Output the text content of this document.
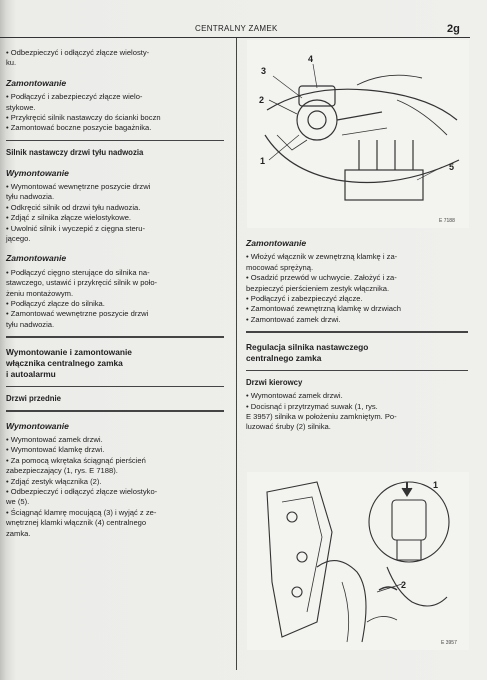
CENTRALNY ZAMEK	2g

• Odbezpieczyć i odłączyć złącze wielosty-

ku.

Zamontowanie

• Podłączyć i zabezpieczyć złącze wielo-

stykowe.

• Przykręcić silnik nastawczy do ścianki boczn

• Zamontować boczne poszycie bagażnika.

Silnik nastawczy drzwi tyłu nadwozia
Wymontowanie

• Wymontować wewnętrzne poszycie drzwi

tyłu nadwozia.

• Odkręcić silnik od drzwi tyłu nadwozia.

• Zdjąć z silnika złącze wielostykowe.

• Uwolnić silnik i wyczepić z cięgna steru-

jącego.

Zamontowanie

• Podłączyć cięgno sterujące do silnika na-

stawczego, ustawić i przykręcić silnik w poło-

żeniu montażowym.

• Podłączyć złącze do silnika.

• Zamontować wewnętrzne poszycie drzwi

tyłu nadwozia.

Wymontowanie i zamontowanie
włącznika centralnego zamka
i autoalarmu
Drzwi przednie
Wymontowanie

• Wymontować zamek drzwi.

• Wymontować klamkę drzwi.

• Za pomocą wkrętaka ściągnąć pierścień

zabezpieczający (1, rys. E 7188).

• Zdjąć zestyk włącznika (2).

• Odbezpieczyć i odłączyć złącze wielostyko-

we (5).

• Ściągnąć klamrę mocującą (3) i wyjąć z ze-

wnętrznej klamki włącznik (4) centralnego

zamka.

3
4
2
1
5
E 7188
Zamontowanie

• Włożyć włącznik w zewnętrzną klamkę i za-

mocować sprężyną.

• Osadzić przewód w uchwycie. Założyć i za-

bezpieczyć pierścieniem zestyk włącznika.

• Podłączyć i zabezpieczyć złącze.

• Zamontować zewnętrzną klamkę w drzwiach

• Zamontować zamek drzwi.

Regulacja silnika nastawczego
centralnego zamka
Drzwi kierowcy

• Wymontować zamek drzwi.

• Docisnąć i przytrzymać suwak (1, rys.

E 3957) silnika w położeniu zamkniętym. Po-

luzować śruby (2) silnika.

1
2
E 3957
